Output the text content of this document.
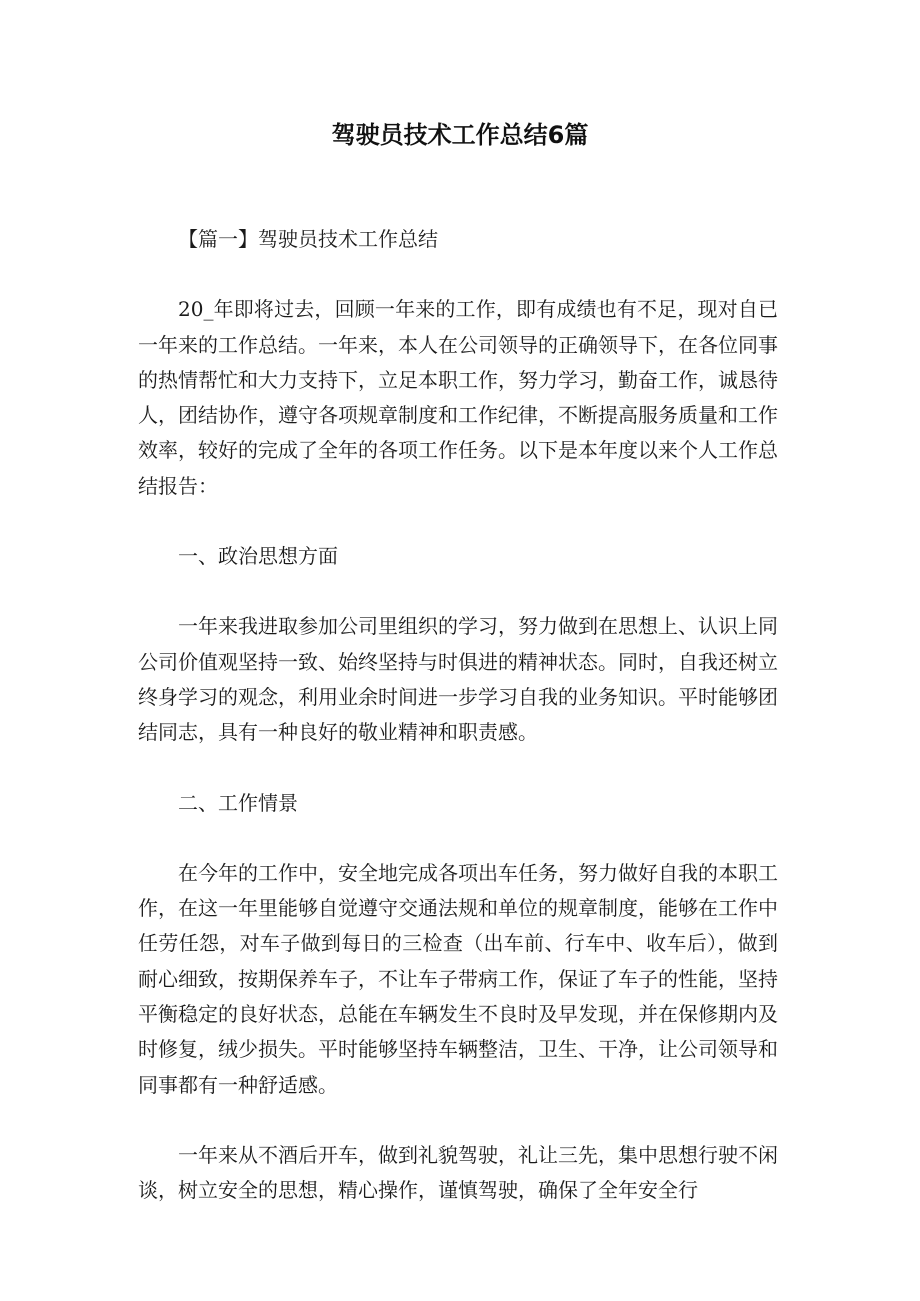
驾驶员技术工作总结6篇

【篇一】驾驶员技术工作总结

20_年即将过去，回顾一年来的工作，即有成绩也有不足，现对自已一年来的工作总结。一年来，本人在公司领导的正确领导下，在各位同事的热情帮忙和大力支持下，立足本职工作，努力学习，勤奋工作，诚恳待人，团结协作，遵守各项规章制度和工作纪律，不断提高服务质量和工作效率，较好的完成了全年的各项工作任务。以下是本年度以来个人工作总结报告：

一、政治思想方面

一年来我进取参加公司里组织的学习，努力做到在思想上、认识上同公司价值观坚持一致、始终坚持与时俱进的精神状态。同时，自我还树立终身学习的观念，利用业余时间进一步学习自我的业务知识。平时能够团结同志，具有一种良好的敬业精神和职责感。

二、工作情景

在今年的工作中，安全地完成各项出车任务，努力做好自我的本职工作，在这一年里能够自觉遵守交通法规和单位的规章制度，能够在工作中任劳任怨，对车子做到每日的三检查（出车前、行车中、收车后），做到耐心细致，按期保养车子，不让车子带病工作，保证了车子的性能，坚持平衡稳定的良好状态，总能在车辆发生不良时及早发现，并在保修期内及时修复，绒少损失。平时能够坚持车辆整洁，卫生、干净，让公司领导和同事都有一种舒适感。

一年来从不酒后开车，做到礼貌驾驶，礼让三先，集中思想行驶不闲谈，树立安全的思想，精心操作，谨慎驾驶，确保了全年安全行
